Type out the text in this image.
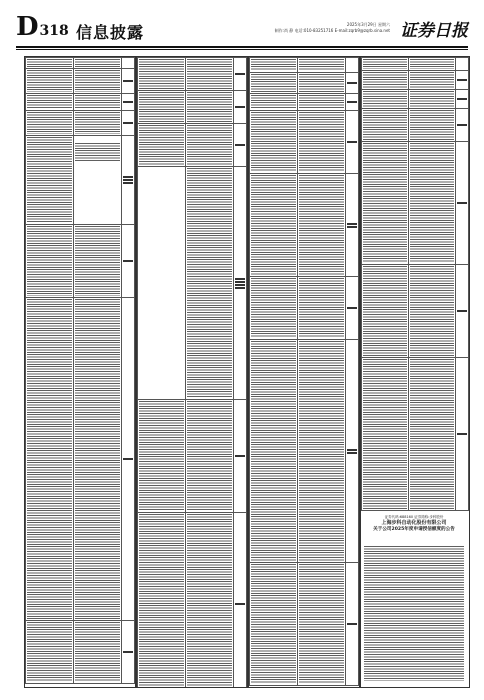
D318 信息披露	2025年3月29日 星期六
制作:尚 静 电话:010-83251716 E-mail:zqrb9@zqrb.sina.net 证券日报

证券代码:688160 证券简称:步科股份
上海步科自动化股份有限公司
关于公司2025年度申请授信额度的公告
